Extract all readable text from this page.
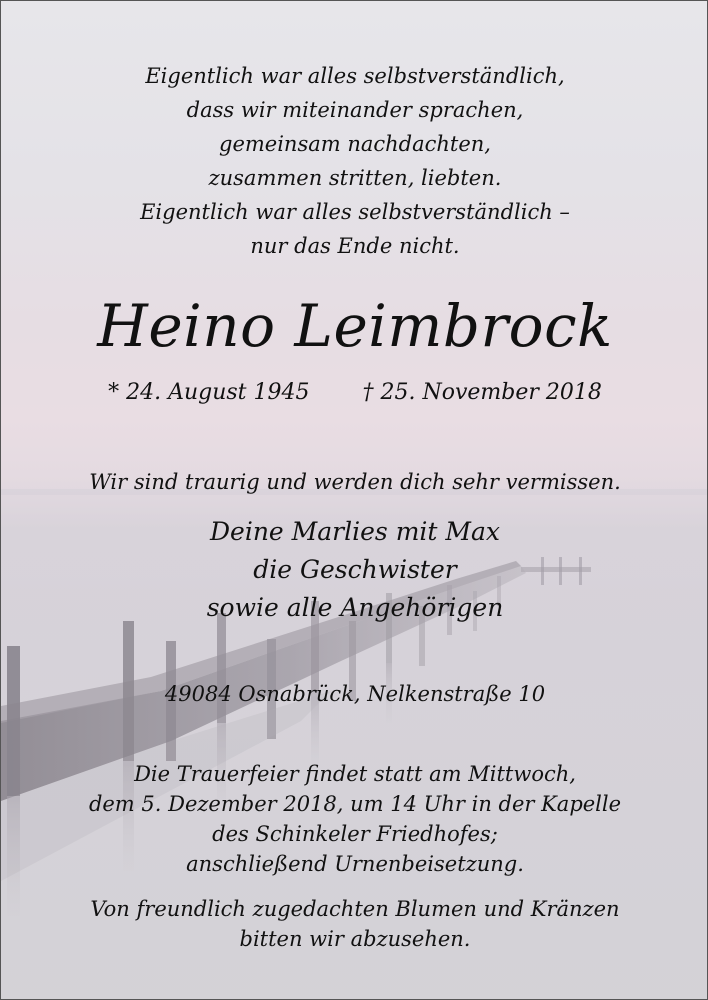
Eigentlich war alles selbstverständlich,
dass wir miteinander sprachen,
gemeinsam nachdachten,
zusammen stritten, liebten.
Eigentlich war alles selbstverständlich –
nur das Ende nicht.
Heino Leimbrock
* 24. August 1945 † 25. November 2018
Wir sind traurig und werden dich sehr vermissen.
Deine Marlies mit Max
die Geschwister
sowie alle Angehörigen
49084 Osnabrück, Nelkenstraße 10
Die Trauerfeier findet statt am Mittwoch,
dem 5. Dezember 2018, um 14 Uhr in der Kapelle
des Schinkeler Friedhofes;
anschließend Urnenbeisetzung.
Von freundlich zugedachten Blumen und Kränzen
bitten wir abzusehen.
